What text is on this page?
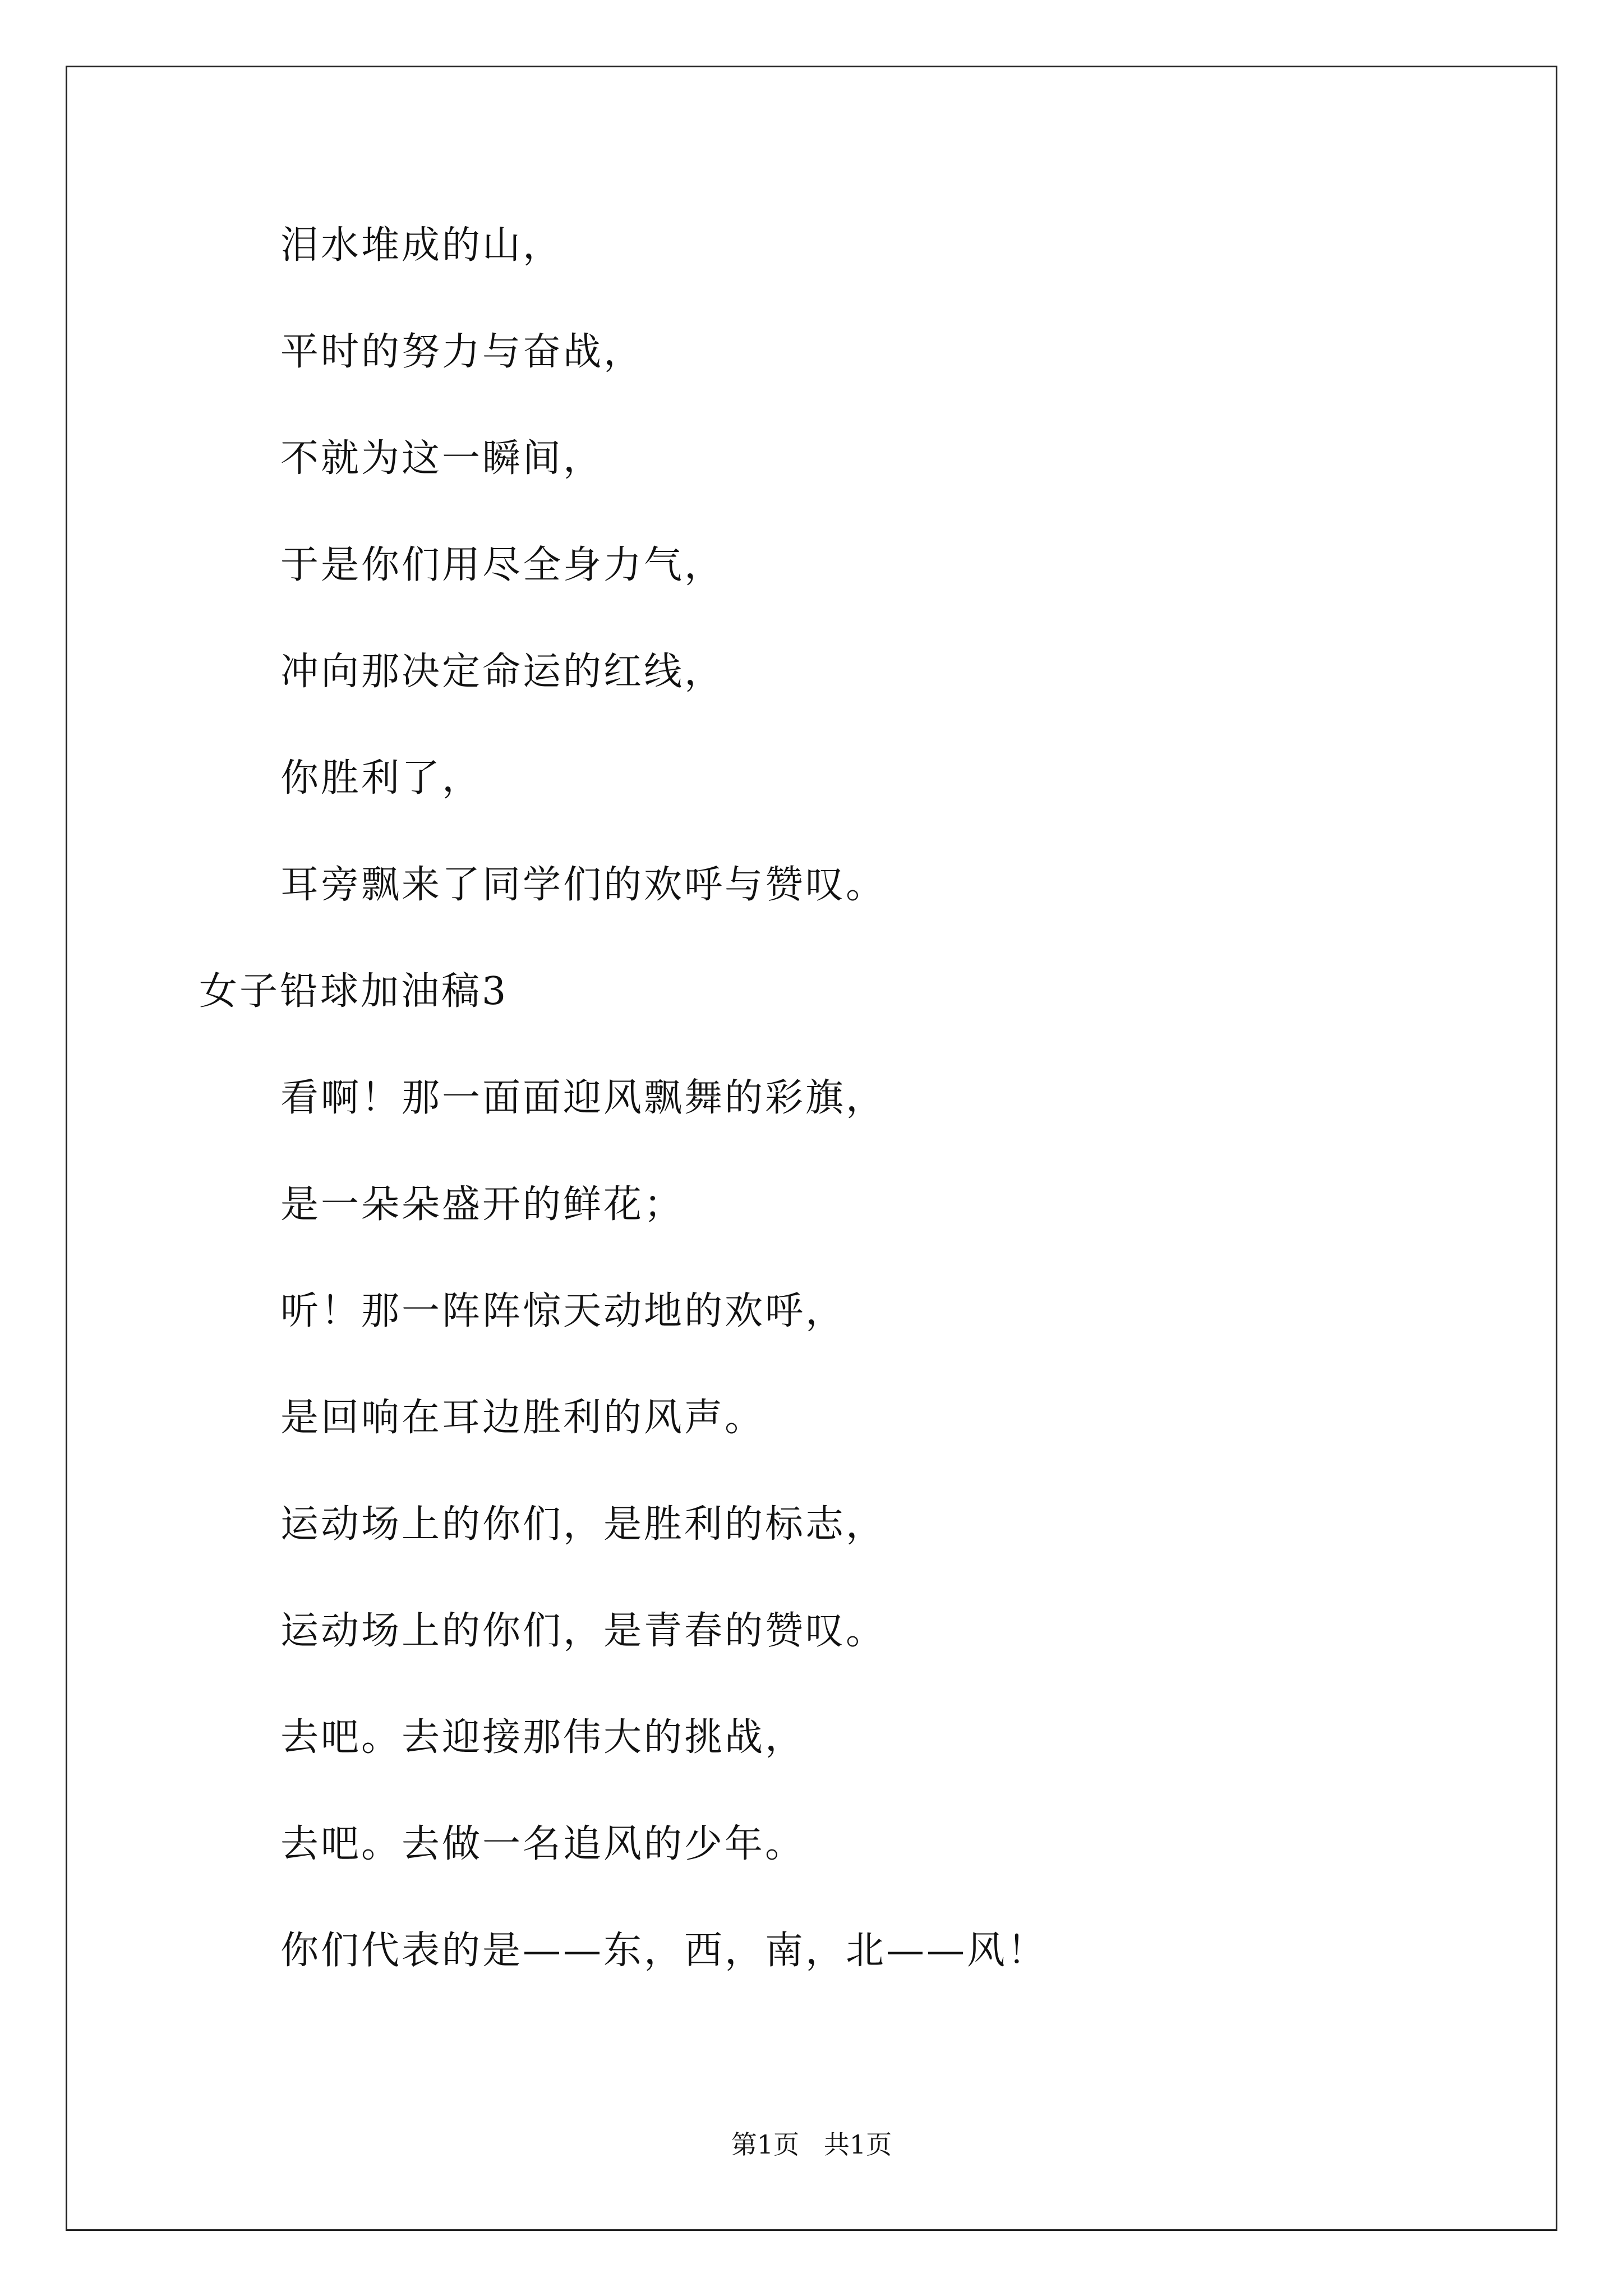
泪水堆成的山，
平时的努力与奋战，
不就为这一瞬间，
于是你们用尽全身力气，
冲向那决定命运的红线，
你胜利了，
耳旁飘来了同学们的欢呼与赞叹。
女子铅球加油稿3
看啊！那一面面迎风飘舞的彩旗，
是一朵朵盛开的鲜花；
听！那一阵阵惊天动地的欢呼，
是回响在耳边胜利的风声。
运动场上的你们，是胜利的标志，
运动场上的你们，是青春的赞叹。
去吧。去迎接那伟大的挑战，
去吧。去做一名追风的少年。
你们代表的是——东，西，南，北——风！
第1页   共1页
